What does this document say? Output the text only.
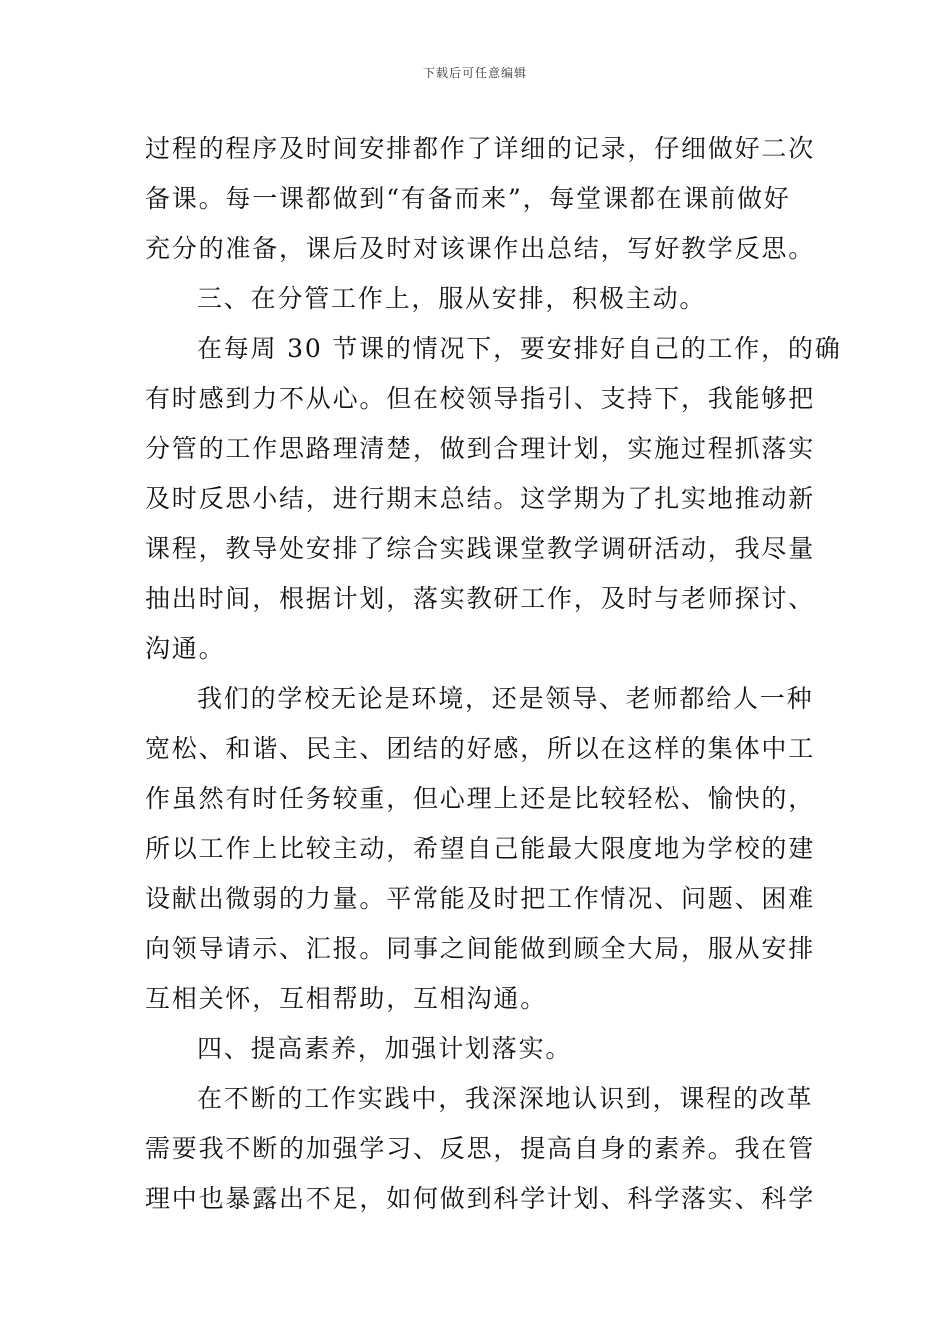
下载后可任意编辑
过程的程序及时间安排都作了详细的记录，仔细做好二次
备课。每一课都做到“有备而来”，每堂课都在课前做好
充分的准备，课后及时对该课作出总结，写好教学反思。
三、在分管工作上，服从安排，积极主动。
在每周 30 节课的情况下，要安排好自己的工作，的确
有时感到力不从心。但在校领导指引、支持下，我能够把
分管的工作思路理清楚，做到合理计划，实施过程抓落实
及时反思小结，进行期末总结。这学期为了扎实地推动新
课程，教导处安排了综合实践课堂教学调研活动，我尽量
抽出时间，根据计划，落实教研工作，及时与老师探讨、
沟通。
我们的学校无论是环境，还是领导、老师都给人一种
宽松、和谐、民主、团结的好感，所以在这样的集体中工
作虽然有时任务较重，但心理上还是比较轻松、愉快的，
所以工作上比较主动，希望自己能最大限度地为学校的建
设献出微弱的力量。平常能及时把工作情况、问题、困难
向领导请示、汇报。同事之间能做到顾全大局，服从安排
互相关怀，互相帮助，互相沟通。
四、提高素养，加强计划落实。
在不断的工作实践中，我深深地认识到，课程的改革
需要我不断的加强学习、反思，提高自身的素养。我在管
理中也暴露出不足，如何做到科学计划、科学落实、科学
